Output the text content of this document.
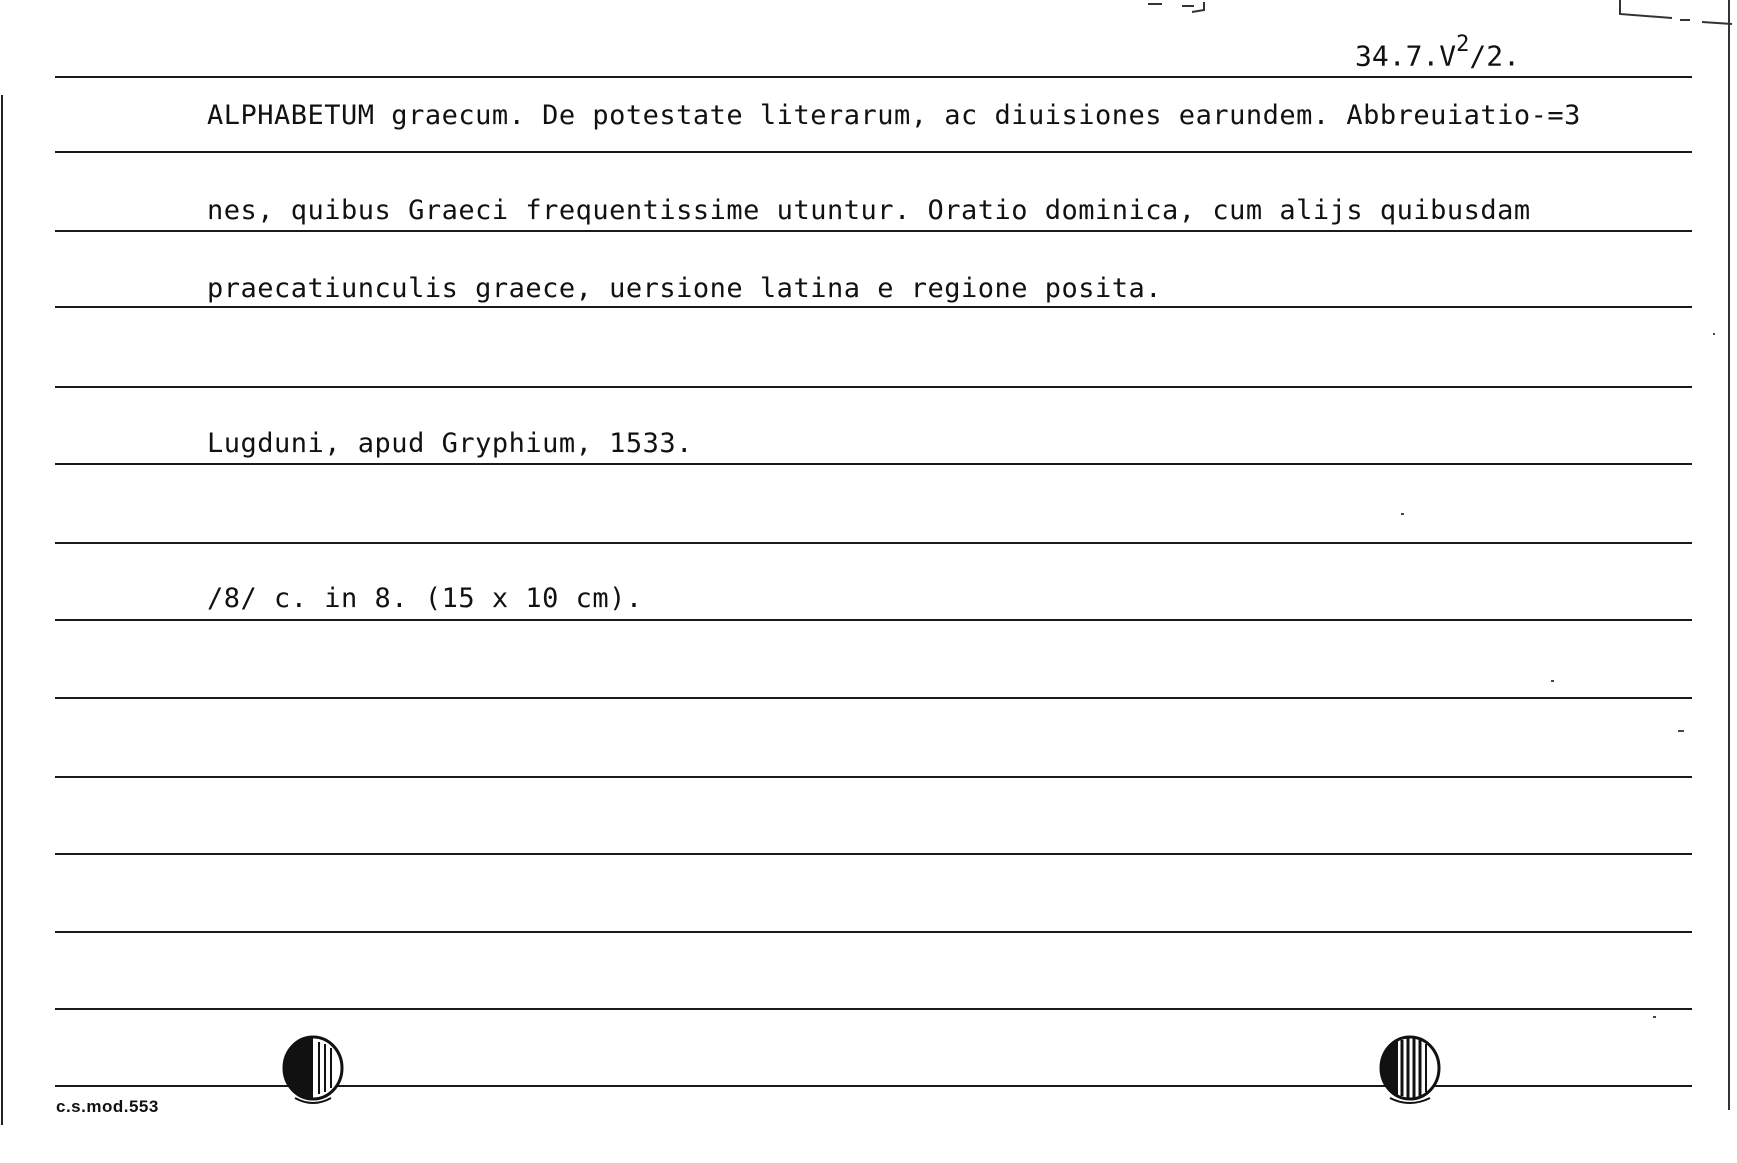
$34.7.V^2/2$.
ALPHABETUM graecum. De potestate literarum, ac diuisiones earundem. Abbreuiatio-=3
nes, quibus Graeci frequentissime utuntur. Oratio dominica, cum alijs quibusdam
praecatiunculis graece, uersione latina e regione posita.
Lugduni, apud Gryphium, 1533.
/8/ c. in 8. (15 x 10 cm).
c.s.mod.553
